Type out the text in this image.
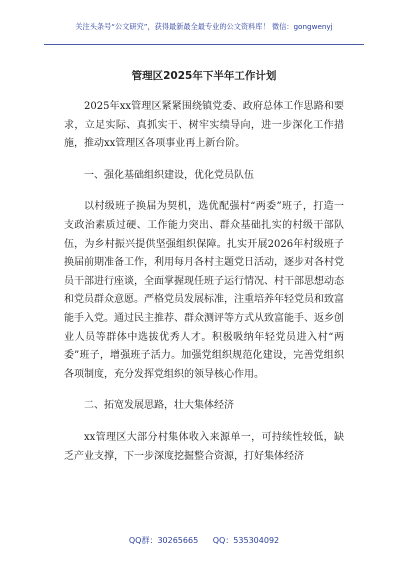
关注头条号“公文研究”，获得最新最全最专业的公文资料库！ 微信：gongwenyj
管理区2025年下半年工作计划

2025年xx管理区紧紧围绕镇党委、政府总体工作思路和要求，立足实际、真抓实干、树牢实绩导向，进一步深化工作措施，推动xx管理区各项事业再上新台阶。

一、强化基础组织建设，优化党员队伍

以村级班子换届为契机，选优配强村“两委”班子，打造一支政治素质过硬、工作能力突出、群众基础扎实的村级干部队伍，为乡村振兴提供坚强组织保障。扎实开展2026年村级班子换届前期准备工作，利用每月各村主题党日活动，逐步对各村党员干部进行座谈，全面掌握现任班子运行情况、村干部思想动态和党员群众意愿。严格党员发展标准，注重培养年轻党员和致富能手入党。通过民主推荐、群众测评等方式从致富能手、返乡创业人员等群体中选拔优秀人才。积极吸纳年轻党员进入村“两委”班子，增强班子活力。加强党组织规范化建设，完善党组织各项制度，充分发挥党组织的领导核心作用。

二、拓宽发展思路，壮大集体经济

xx管理区大部分村集体收入来源单一，可持续性较低，缺乏产业支撑，下一步深度挖掘整合资源，打好集体经济

QQ群：30265665 QQ：535304092
